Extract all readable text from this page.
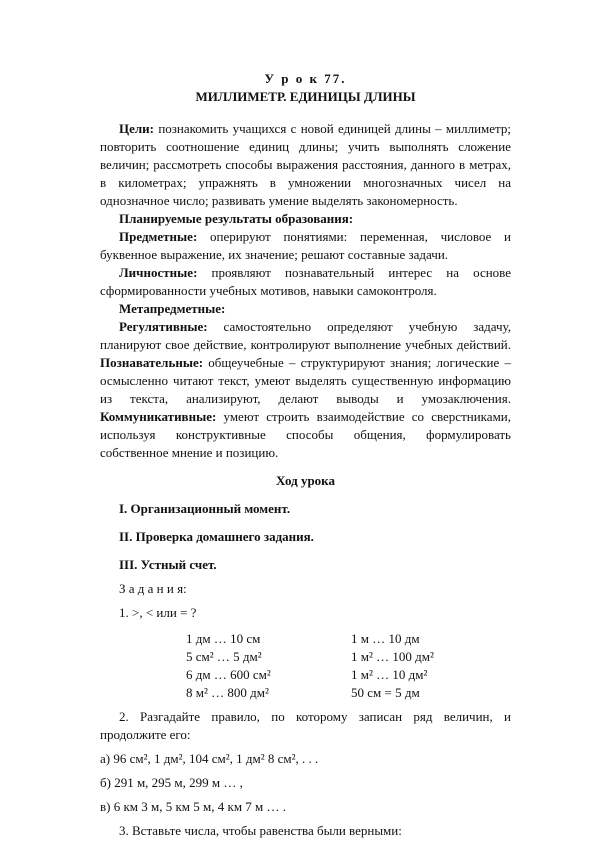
У р о к 77.

МИЛЛИМЕТР. ЕДИНИЦЫ ДЛИНЫ

Цели: познакомить учащихся с новой единицей длины – миллиметр; повторить соотношение единиц длины; учить выполнять сложение величин; рассмотреть способы выражения расстояния, данного в метрах, в километрах; упражнять в умножении многозначных чисел на однозначное число; развивать умение выделять закономерность.

Планируемые результаты образования:

Предметные: оперируют понятиями: переменная, числовое и буквенное выражение, их значение; решают составные задачи.

Личностные: проявляют познавательный интерес на основе сформированности учебных мотивов, навыки самоконтроля.

Метапредметные:

Регулятивные: самостоятельно определяют учебную задачу, планируют свое действие, контролируют выполнение учебных действий. Познавательные: общеучебные – структурируют знания; логические – осмысленно читают текст, умеют выделять существенную информацию из текста, анализируют, делают выводы и умозаключения. Коммуникативные: умеют строить взаимодействие со сверстниками, используя конструктивные способы общения, формулировать собственное мнение и позицию.

Ход урока

I. Организационный момент.

II. Проверка домашнего задания.

III. Устный счет.

З а д а н и я:

1. >, < или = ?

1 дм … 10 см	1 м … 10 дм
5 см² … 5 дм²	1 м² … 100 дм²
6 дм … 600 см²	1 м² … 10 дм²
8 м² … 800 дм²	50 см = 5 дм

2. Разгадайте правило, по которому записан ряд величин, и продолжите его:

а) 96 см², 1 дм², 104 см², 1 дм² 8 см², . . .

б) 291 м, 295 м, 299 м … ,

в) 6 км 3 м, 5 км 5 м, 4 км 7 м … .

3. Вставьте числа, чтобы равенства были верными:
